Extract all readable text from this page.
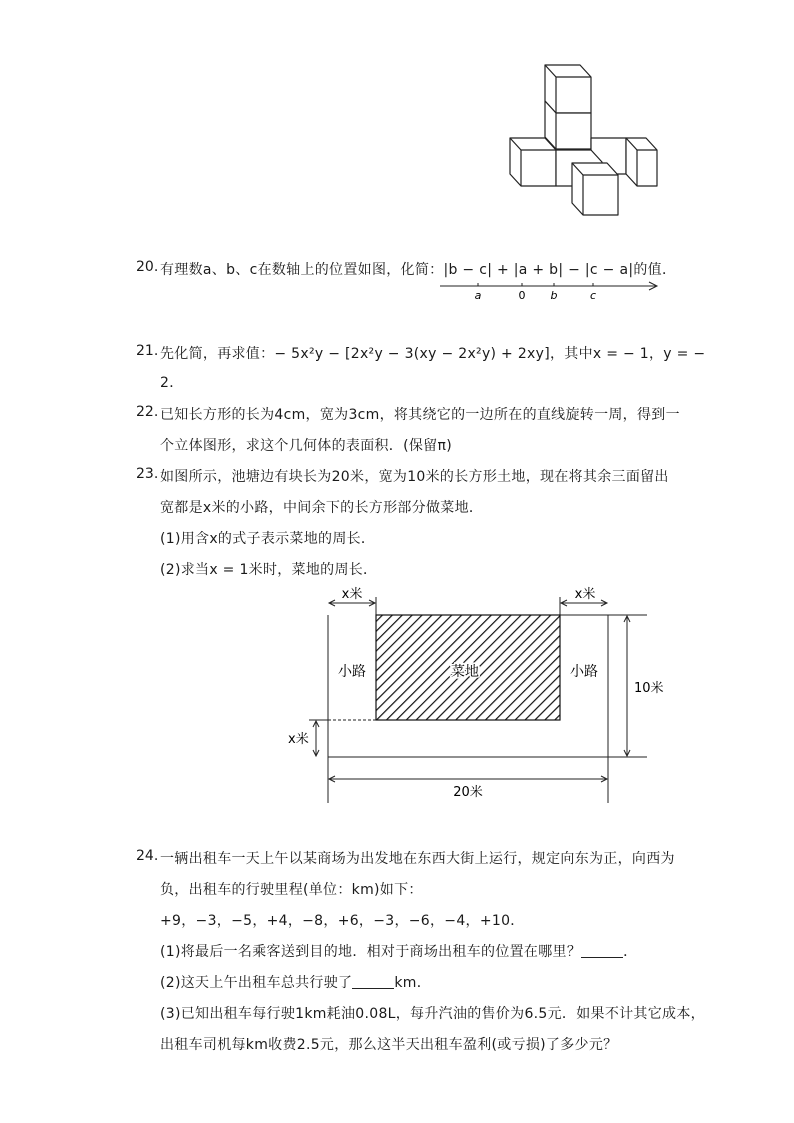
20. 有理数a、b、c在数轴上的位置如图，化简：|b − c| + |a + b| − |c − a|的值．
a	0 b	c
21. 先化简，再求值：− 5x²y − [2x²y − 3(xy − 2x²y) + 2xy]，其中x = − 1，y = −
2．
22. 已知长方形的长为4cm，宽为3cm，将其绕它的一边所在的直线旋转一周，得到一
个立体图形，求这个几何体的表面积．(保留π)
23. 如图所示，池塘边有块长为20米，宽为10米的长方形土地，现在将其余三面留出
宽都是x米的小路，中间余下的长方形部分做菜地．
(1)用含x的式子表示菜地的周长．
(2)求当x = 1米时，菜地的周长．
x米	x米
菜地
小路	小路
10米
x米
20米
24. 一辆出租车一天上午以某商场为出发地在东西大街上运行，规定向东为正，向西为
负，出租车的行驶里程(单位：km)如下：
+9，−3，−5，+4，−8，+6，−3，−6，−4，+10．
(1)将最后一名乘客送到目的地．相对于商场出租车的位置在哪里？	．
(2)这天上午出租车总共行驶了	km．
(3)已知出租车每行驶1km耗油0.08L，每升汽油的售价为6.5元．如果不计其它成本，
出租车司机每km收费2.5元，那么这半天出租车盈利(或亏损)了多少元？
